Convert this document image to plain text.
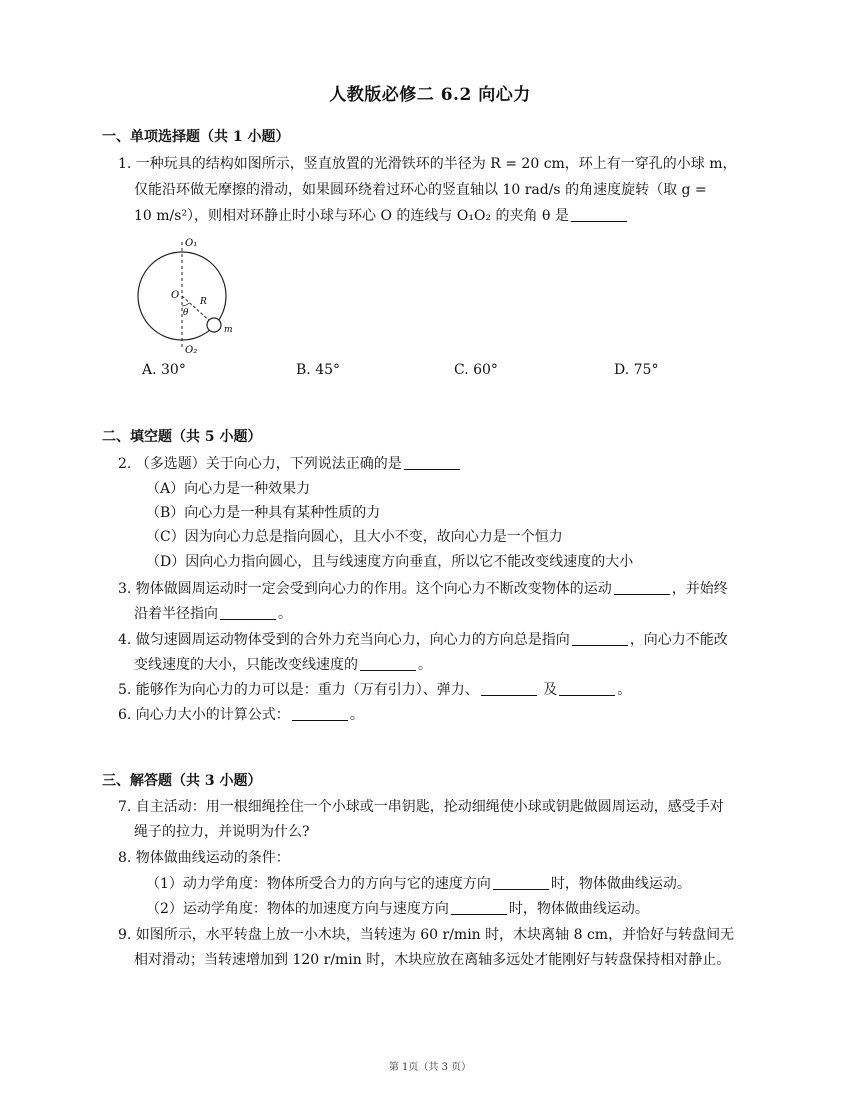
人教版必修二 6.2 向心力
一、单项选择题（共 1 小题）
1. 一种玩具的结构如图所示，竖直放置的光滑铁环的半径为 R = 20 cm，环上有一穿孔的小球 m，
仅能沿环做无摩擦的滑动，如果圆环绕着过环心的竖直轴以 10 rad/s 的角速度旋转（取 g =
10 m/s²），则相对环静止时小球与环心 O 的连线与 O₁O₂ 的夹角 θ 是
O₁
O₂
O
R
θ
m
A. 30°	B. 45°	C. 60°	D. 75°
二、填空题（共 5 小题）
2. （多选题）关于向心力，下列说法正确的是
（A）向心力是一种效果力
（B）向心力是一种具有某种性质的力
（C）因为向心力总是指向圆心，且大小不变，故向心力是一个恒力
（D）因向心力指向圆心，且与线速度方向垂直，所以它不能改变线速度的大小
3. 物体做圆周运动时一定会受到向心力的作用。这个向心力不断改变物体的运动	，并始终
沿着半径指向	。
4. 做匀速圆周运动物体受到的合外力充当向心力，向心力的方向总是指向	，向心力不能改
变线速度的大小，只能改变线速度的	。
5. 能够作为向心力的力可以是：重力（万有引力）、弹力、	及	。
6. 向心力大小的计算公式：	。
三、解答题（共 3 小题）
7. 自主活动：用一根细绳拴住一个小球或一串钥匙，抡动细绳使小球或钥匙做圆周运动，感受手对
绳子的拉力，并说明为什么?
8. 物体做曲线运动的条件：
（1）动力学角度：物体所受合力的方向与它的速度方向	时，物体做曲线运动。
（2）运动学角度：物体的加速度方向与速度方向	时，物体做曲线运动。
9. 如图所示，水平转盘上放一小木块，当转速为 60 r/min 时，木块离轴 8 cm，并恰好与转盘间无
相对滑动；当转速增加到 120 r/min 时，木块应放在离轴多远处才能刚好与转盘保持相对静止。
第 1页（共 3 页）
